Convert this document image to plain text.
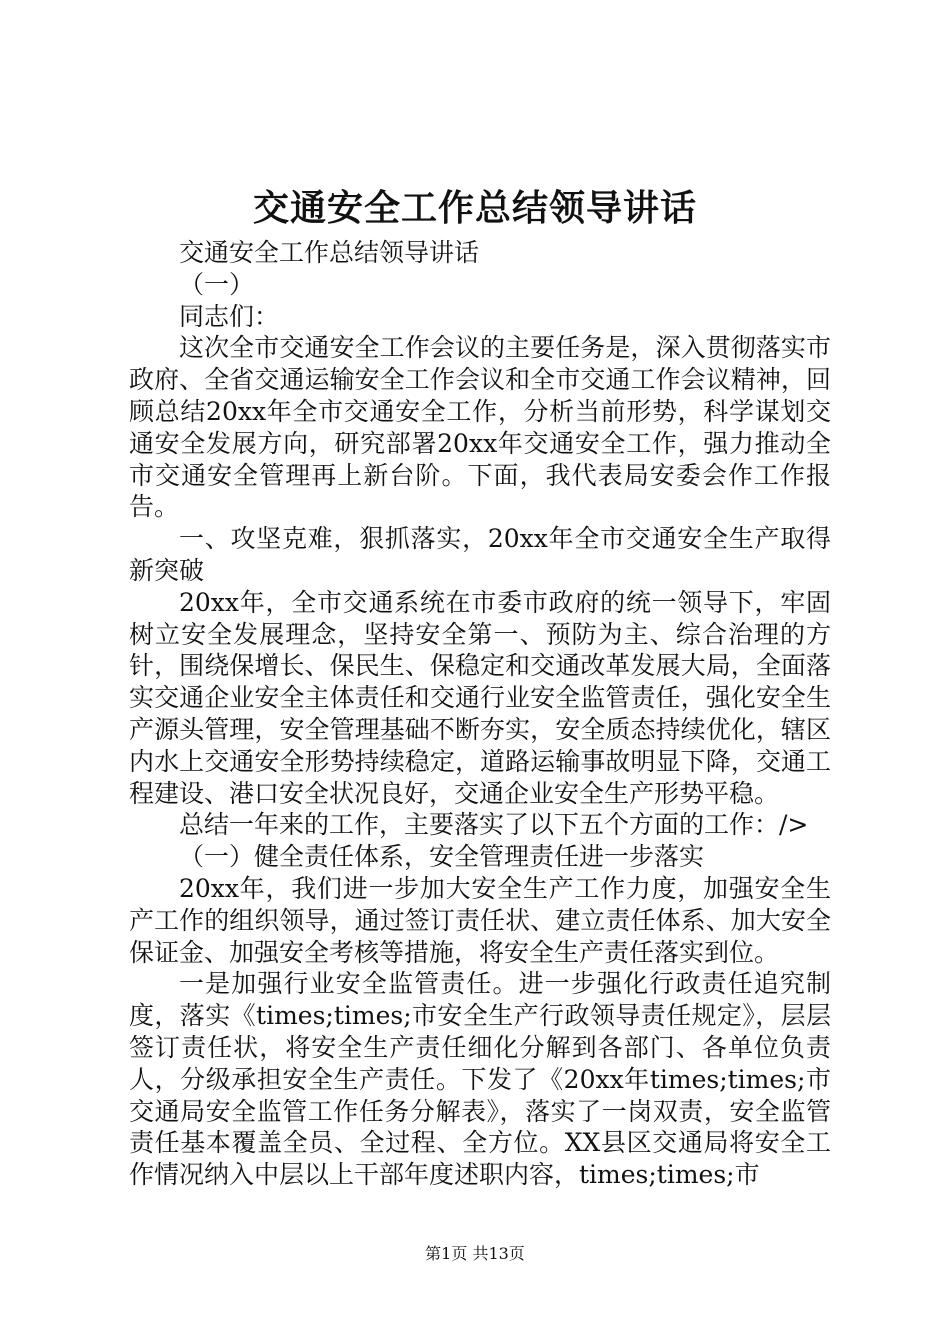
交通安全工作总结领导讲话

交通安全工作总结领导讲话

（一）

同志们：

这次全市交通安全工作会议的主要任务是，深入贯彻落实市政府、全省交通运输安全工作会议和全市交通工作会议精神，回顾总结20xx年全市交通安全工作，分析当前形势，科学谋划交通安全发展方向，研究部署20xx年交通安全工作，强力推动全市交通安全管理再上新台阶。下面，我代表局安委会作工作报告。

一、攻坚克难，狠抓落实，20xx年全市交通安全生产取得新突破

20xx年，全市交通系统在市委市政府的统一领导下，牢固树立安全发展理念，坚持安全第一、预防为主、综合治理的方针，围绕保增长、保民生、保稳定和交通改革发展大局，全面落实交通企业安全主体责任和交通行业安全监管责任，强化安全生产源头管理，安全管理基础不断夯实，安全质态持续优化，辖区内水上交通安全形势持续稳定，道路运输事故明显下降，交通工程建设、港口安全状况良好，交通企业安全生产形势平稳。

总结一年来的工作，主要落实了以下五个方面的工作：/>

（一）健全责任体系，安全管理责任进一步落实

20xx年，我们进一步加大安全生产工作力度，加强安全生产工作的组织领导，通过签订责任状、建立责任体系、加大安全保证金、加强安全考核等措施，将安全生产责任落实到位。

一是加强行业安全监管责任。进一步强化行政责任追究制度，落实《times;times;市安全生产行政领导责任规定》，层层签订责任状，将安全生产责任细化分解到各部门、各单位负责人，分级承担安全生产责任。下发了《20xx年times;times;市交通局安全监管工作任务分解表》，落实了一岗双责，安全监管责任基本覆盖全员、全过程、全方位。XX县区交通局将安全工作情况纳入中层以上干部年度述职内容，times;times;市

第1页 共13页
